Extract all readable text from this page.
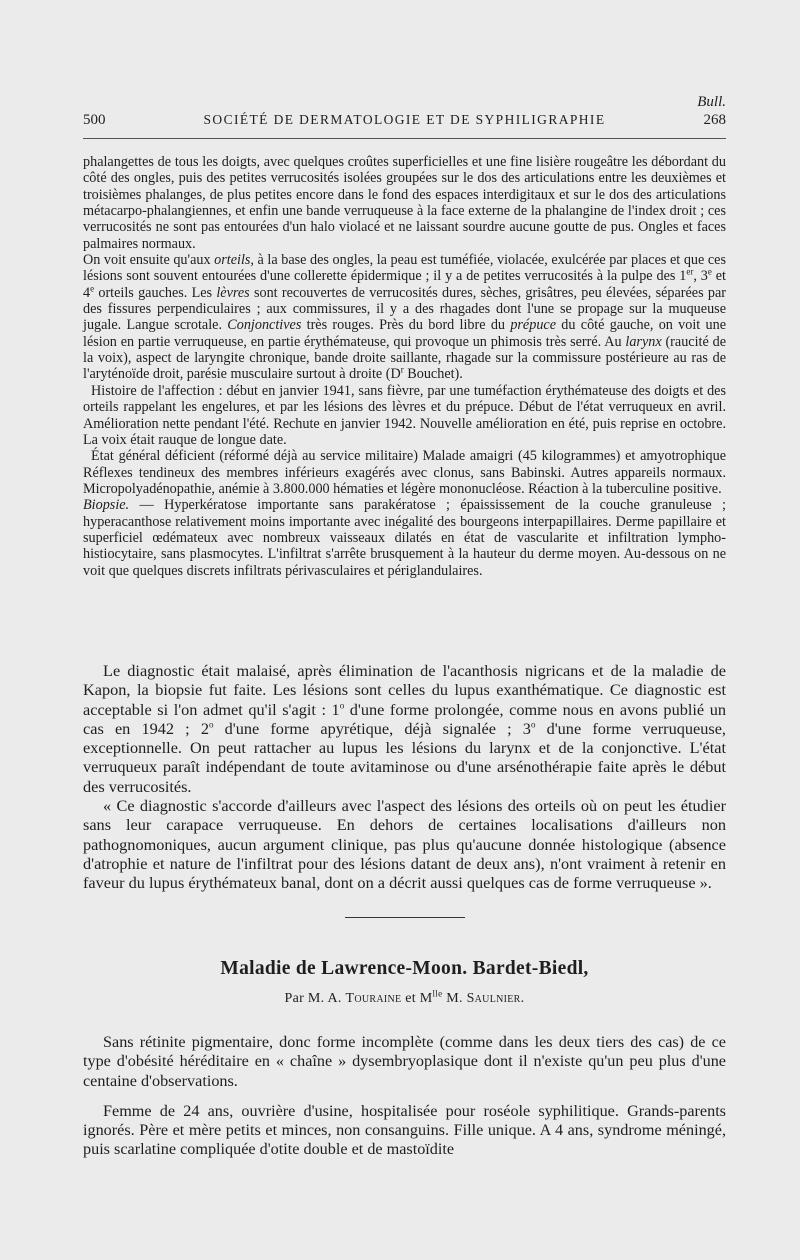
Bull.
500	SOCIÉTÉ DE DERMATOLOGIE ET DE SYPHILIGRAPHIE	268

phalangettes de tous les doigts, avec quelques croûtes superficielles et une fine lisière rougeâtre les débordant du côté des ongles, puis des petites verrucosités isolées groupées sur le dos des articulations entre les deuxièmes et troisièmes phalanges, de plus petites encore dans le fond des espaces interdigitaux et sur le dos des articulations métacarpo-phalangiennes, et enfin une bande verruqueuse à la face externe de la phalangine de l'index droit ; ces verrucosités ne sont pas entourées d'un halo violacé et ne laissant sourdre aucune goutte de pus. Ongles et faces palmaires normaux.

On voit ensuite qu'aux orteils, à la base des ongles, la peau est tuméfiée, violacée, exulcérée par places et que ces lésions sont souvent entourées d'une collerette épidermique ; il y a de petites verrucosités à la pulpe des 1er, 3e et 4e orteils gauches. Les lèvres sont recouvertes de verrucosités dures, sèches, grisâtres, peu élevées, séparées par des fissures perpendiculaires ; aux commissures, il y a des rhagades dont l'une se propage sur la muqueuse jugale. Langue scrotale. Conjonctives très rouges. Près du bord libre du prépuce du côté gauche, on voit une lésion en partie verruqueuse, en partie érythémateuse, qui provoque un phimosis très serré. Au larynx (raucité de la voix), aspect de laryngite chronique, bande droite saillante, rhagade sur la commissure postérieure au ras de l'aryténoïde droit, parésie musculaire surtout à droite ($D^r$ Bouchet).

Histoire de l'affection : début en janvier 1941, sans fièvre, par une tuméfaction érythémateuse des doigts et des orteils rappelant les engelures, et par les lésions des lèvres et du prépuce. Début de l'état verruqueux en avril. Amélioration nette pendant l'été. Rechute en janvier 1942. Nouvelle amélioration en été, puis reprise en octobre. La voix était rauque de longue date.

État général déficient (réformé déjà au service militaire) Malade amaigri (45 kilogrammes) et amyotrophique Réflexes tendineux des membres inférieurs exagérés avec clonus, sans Babinski. Autres appareils normaux. Micropolyadénopathie, anémie à 3.800.000 hématies et légère mononucléose. Réaction à la tuberculine positive.

Biopsie. — Hyperkératose importante sans parakératose ; épaississement de la couche granuleuse ; hyperacanthose relativement moins importante avec inégalité des bourgeons interpapillaires. Derme papillaire et superficiel œdémateux avec nombreux vaisseaux dilatés en état de vascularite et infiltration lympho-histiocytaire, sans plasmocytes. L'infiltrat s'arrête brusquement à la hauteur du derme moyen. Au-dessous on ne voit que quelques discrets infiltrats périvasculaires et périglandulaires.

Le diagnostic était malaisé, après élimination de l'acanthosis nigricans et de la maladie de Kapon, la biopsie fut faite. Les lésions sont celles du lupus exanthématique. Ce diagnostic est acceptable si l'on admet qu'il s'agit : 1$^o$ d'une forme prolongée, comme nous en avons publié un cas en 1942 ; 2$^o$ d'une forme apyrétique, déjà signalée ; 3$^o$ d'une forme verruqueuse, exceptionnelle. On peut rattacher au lupus les lésions du larynx et de la conjonctive. L'état verruqueux paraît indépendant de toute avitaminose ou d'une arsénothérapie faite après le début des verrucosités.

« Ce diagnostic s'accorde d'ailleurs avec l'aspect des lésions des orteils où on peut les étudier sans leur carapace verruqueuse. En dehors de certaines localisations d'ailleurs non pathognomoniques, aucun argument clinique, pas plus qu'aucune donnée histologique (absence d'atrophie et nature de l'infiltrat pour des lésions datant de deux ans), n'ont vraiment à retenir en faveur du lupus érythémateux banal, dont on a décrit aussi quelques cas de forme verruqueuse ».

Maladie de Lawrence-Moon. Bardet-Biedl,
Par M. A. Touraine et $M^{lle}$ M. Saulnier.

Sans rétinite pigmentaire, donc forme incomplète (comme dans les deux tiers des cas) de ce type d'obésité héréditaire en « chaîne » dysembryoplasique dont il n'existe qu'un peu plus d'une centaine d'observations.

Femme de 24 ans, ouvrière d'usine, hospitalisée pour roséole syphilitique. Grands-parents ignorés. Père et mère petits et minces, non consanguins. Fille unique. A 4 ans, syndrome méningé, puis scarlatine compliquée d'otite double et de mastoïdite
